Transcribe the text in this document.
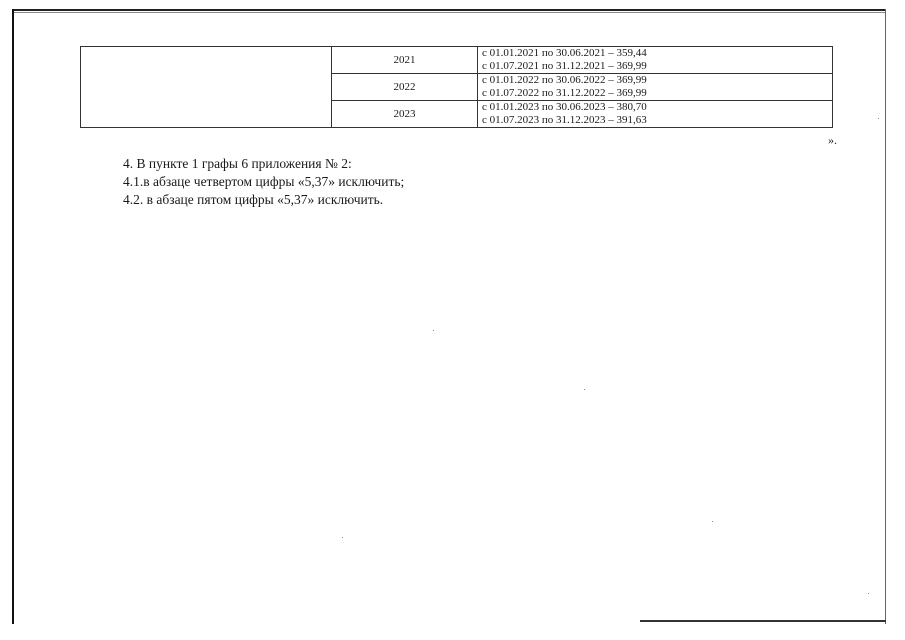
	2021	с 01.01.2021 по 30.06.2021 – 359,44
с 01.07.2021 по 31.12.2021 – 369,99

	2022	с 01.01.2022 по 30.06.2022 – 369,99
с 01.07.2022 по 31.12.2022 – 369,99

	2023	с 01.01.2023 по 30.06.2023 – 380,70
с 01.07.2023 по 31.12.2023 – 391,63
».
4. В пункте 1 графы 6 приложения № 2:
4.1.в абзаце четвертом цифры «5,37» исключить;
4.2. в абзаце пятом цифры «5,37» исключить.
